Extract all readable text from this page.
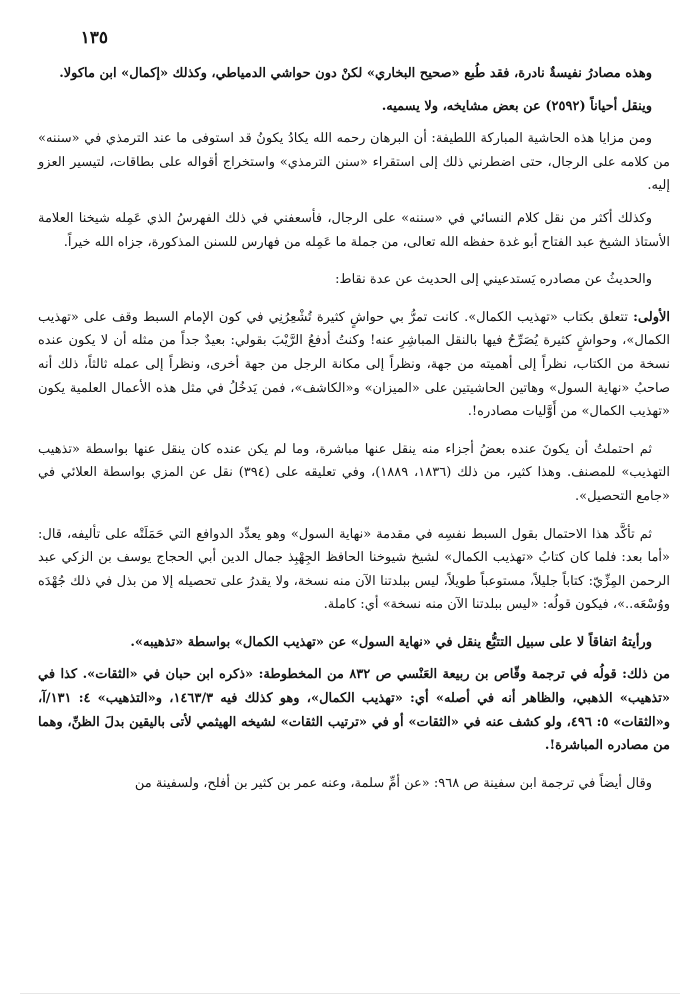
١٣٥

وهذه مصادرُ نفيسةٌ نادرة، فقد طُبع «صحيح البخاري» لكنْ دون حواشي الدمياطي، وكذلك «إكمال» ابن ماكولا.

وينقل أحياناً (٢٥٩٢) عن بعض مشايخه، ولا يسميه.

ومن مزايا هذه الحاشية المباركة اللطيفة: أن البرهان رحمه الله يكادُ يكونُ قد استوفى ما عند الترمذي في «سننه» من كلامه على الرجال، حتى اضطرني ذلك إلى استقراء «سنن الترمذي» واستخراج أقواله على بطاقات، لتيسير العزو إليه.

وكذلك أكثر من نقل كلام النسائي في «سننه» على الرجال، فأسعفني في ذلك الفهرسُ الذي عَمِله شيخنا العلامة الأستاذ الشيخ عبد الفتاح أبو غدة حفظه الله تعالى، من جملة ما عَمِله من فهارس للسنن المذكورة، جزاه الله خيراً.

والحديثُ عن مصادره يَستدعيني إلى الحديث عن عدة نقاط:

الأولى: تتعلق بكتاب «تهذيب الكمال». كانت تمرُّ بي حواشٍ كثيرة تُشْعِرُنِي في كون الإمام السبط وقف على «تهذيب الكمال»، وحواشٍ كثيرة يُصَرِّحُ فيها بالنقل المباشِرِ عنه! وكنتُ أدفعُ الرَّيْبَ بقولي: بعيدٌ جداً من مثله أن لا يكون عنده نسخة من الكتاب، نظراً إلى أهميته من جهة، ونظراً إلى مكانة الرجل من جهة أخرى، ونظراً إلى عمله ثالثاً، ذلك أنه صاحبُ «نهاية السول» وهاتين الحاشيتين على «الميزان» و«الكاشف»، فمن يَدخُلُ في مثل هذه الأعمال العلمية يكون «تهذيب الكمال» من أَوَّليات مصادره!.

ثم احتملتُ أن يكونَ عنده بعضُ أجزاء منه ينقل عنها مباشرة، وما لم يكن عنده كان ينقل عنها بواسطة «تذهيب التهذيب» للمصنف. وهذا كثير، من ذلك (١٨٣٦، ١٨٨٩)، وفي تعليقه على (٣٩٤) نقل عن المزي بواسطة العلائي في «جامع التحصيل».

ثم تأكَّد هذا الاحتمال بقول السبط نفسِه في مقدمة «نهاية السول» وهو يعدِّد الدوافع التي حَمَلَتْه على تأليفه، قال: «أما بعد: فلما كان كتابُ «تهذيب الكمال» لشيخ شيوخنا الحافظ الجِهْبِذ جمال الدين أبي الحجاج يوسف بن الزكي عبد الرحمن المِزِّيّ: كتاباً جليلاً، مستوعباً طويلاً، ليس ببلدتنا الآن منه نسخة، ولا يقدرُ على تحصيله إلا من بذل في ذلك جُهْدَه ووُسْعَه..»، فيكون قولُه: «ليس ببلدتنا الآن منه نسخة» أي: كاملة.

ورأيتهُ اتفاقاً لا على سبيل التتبُّع ينقل في «نهاية السول» عن «تهذيب الكمال» بواسطة «تذهيبه».

من ذلك: قولُه في ترجمة وقّاص بن ربيعة العَنْسي ص ٨٣٢ من المخطوطة: «ذكره ابن حبان في «الثقات». كذا في «تذهيب» الذهبي، والظاهر أنه في أصله» أي: «تهذيب الكمال»، وهو كذلك فيه ١٤٦٣/٣، و«التذهيب» ٤: ١٣١/آ، و«الثقات» ٥: ٤٩٦، ولو كشف عنه في «الثقات» أو في «ترتيب الثقات» لشيخه الهيثمي لأتى باليقين بدلَ الظنِّ، وهما من مصادره المباشرة!.

وقال أيضاً في ترجمة ابن سفينة ص ٩٦٨: «عن أمِّ سلمة، وعنه عمر بن كثير بن أفلح، ولسفينة من
